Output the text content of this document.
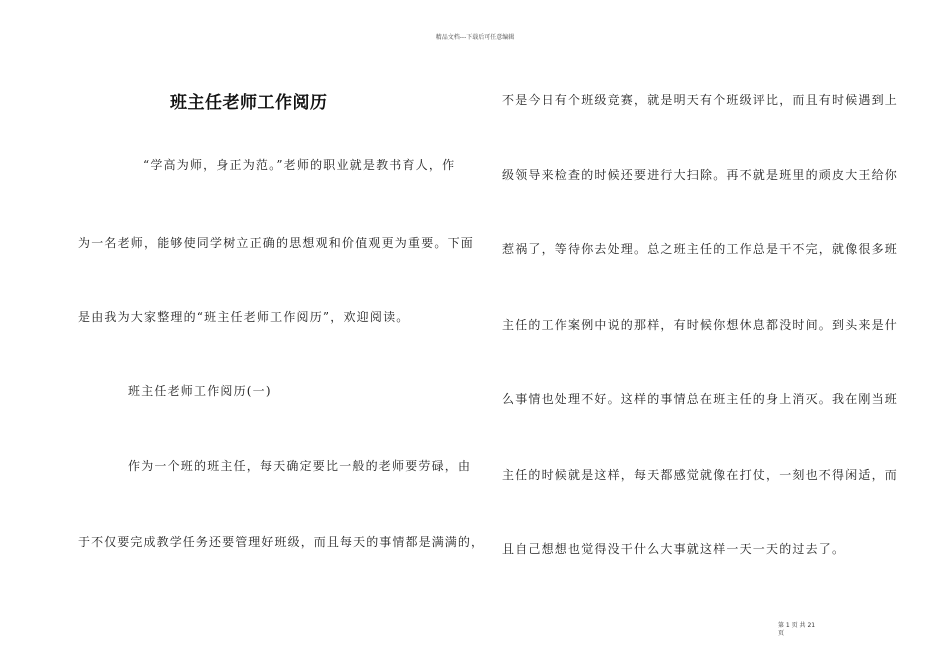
精品文档---下载后可任意编辑
班主任老师工作阅历
“学高为师，身正为范。”老师的职业就是教书育人，作
为一名老师，能够使同学树立正确的思想观和价值观更为重要。下面
是由我为大家整理的“班主任老师工作阅历”，欢迎阅读。
班主任老师工作阅历(一)
作为一个班的班主任，每天确定要比一般的老师要劳碌，由
于不仅要完成教学任务还要管理好班级，而且每天的事情都是满满的，
不是今日有个班级竞赛，就是明天有个班级评比，而且有时候遇到上
级领导来检查的时候还要进行大扫除。再不就是班里的顽皮大王给你
惹祸了，等待你去处理。总之班主任的工作总是干不完，就像很多班
主任的工作案例中说的那样，有时候你想休息都没时间。到头来是什
么事情也处理不好。这样的事情总在班主任的身上消灭。我在刚当班
主任的时候就是这样，每天都感觉就像在打仗，一刻也不得闲适，而
且自己想想也觉得没干什么大事就这样一天一天的过去了。
第 1 页 共 21
页
